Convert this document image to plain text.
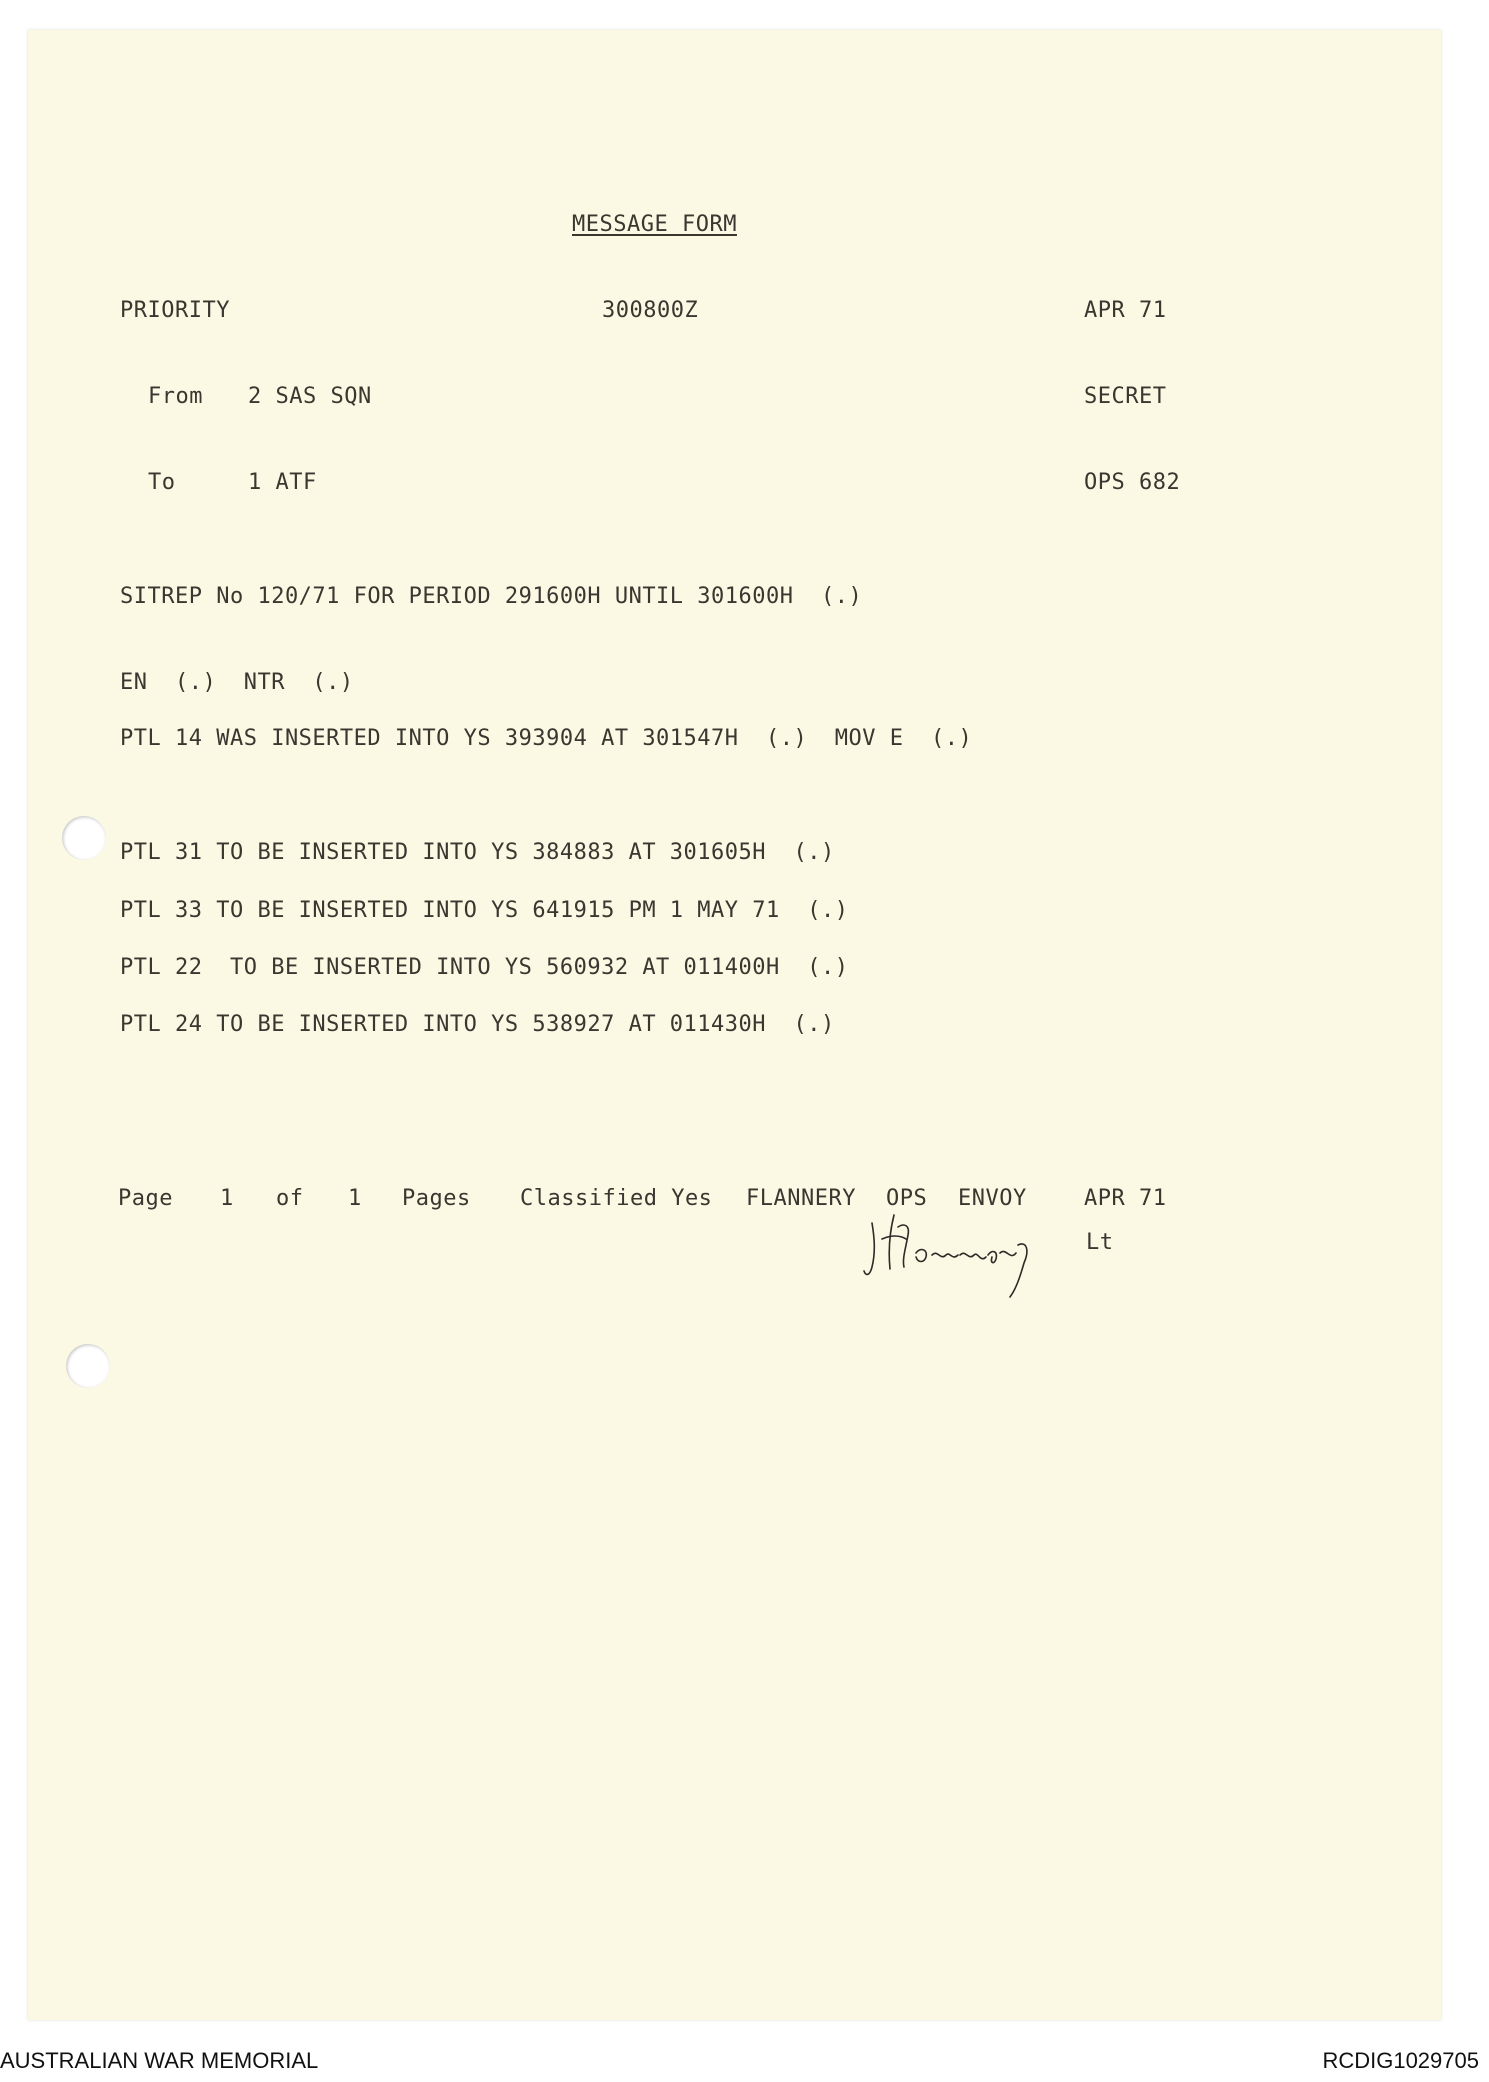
MESSAGE FORM
PRIORITY	300800Z	APR 71
From 2 SAS SQN	SECRET
To	1 ATF	OPS 682
SITREP No 120/71 FOR PERIOD 291600H UNTIL 301600H  (.)
EN  (.)  NTR  (.)
PTL 14 WAS INSERTED INTO YS 393904 AT 301547H  (.)  MOV E  (.)
PTL 31 TO BE INSERTED INTO YS 384883 AT 301605H  (.)
PTL 33 TO BE INSERTED INTO YS 641915 PM 1 MAY 71  (.)
PTL 22  TO BE INSERTED INTO YS 560932 AT 011400H  (.)
PTL 24 TO BE INSERTED INTO YS 538927 AT 011430H  (.)
Page 1 of 1 Pages Classified Yes FLANNERY OPS ENVOY	APR 71
Lt
AUSTRALIAN WAR MEMORIAL	RCDIG1029705
